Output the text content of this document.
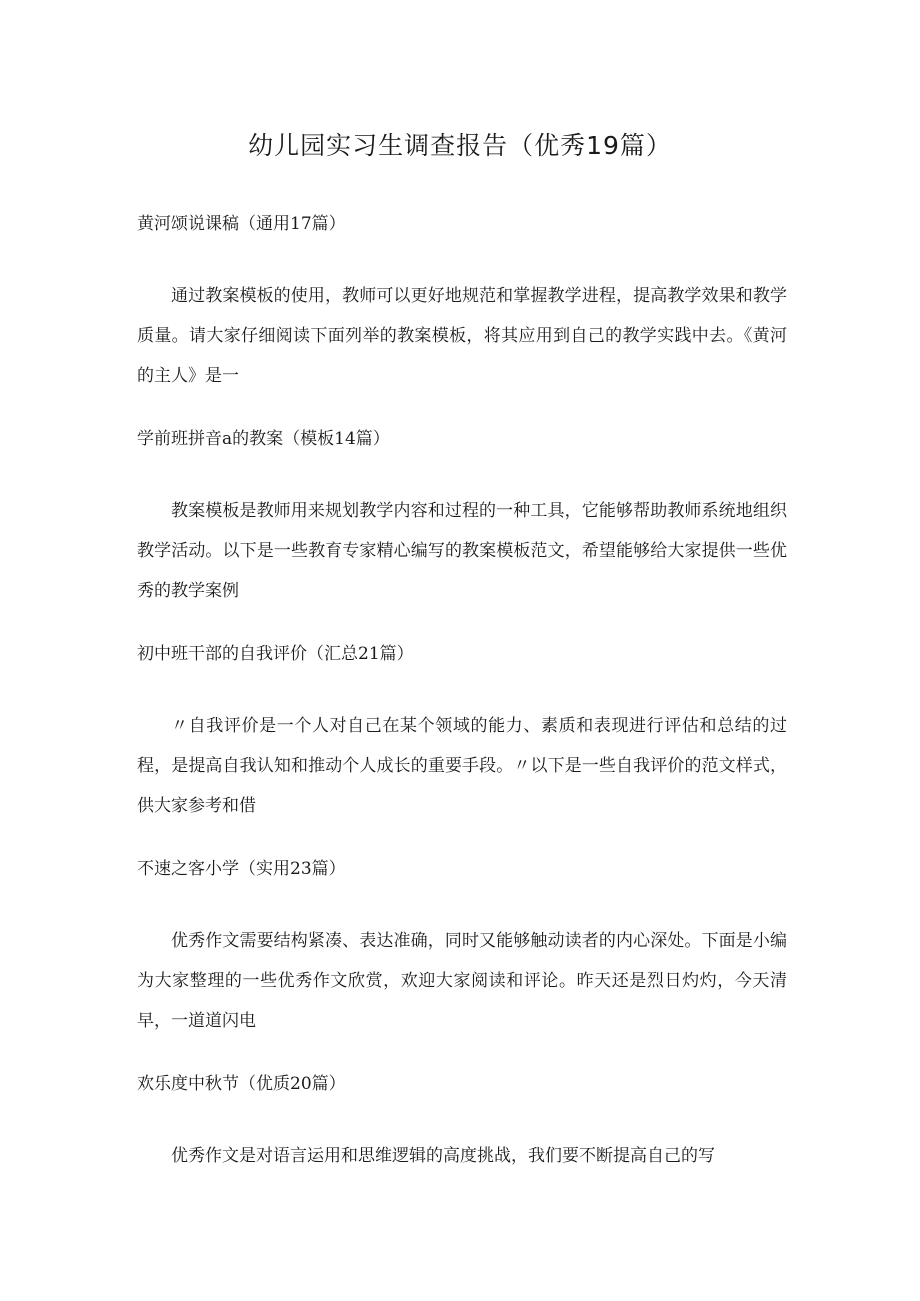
幼儿园实习生调查报告（优秀19篇）

黄河颂说课稿（通用17篇）

通过教案模板的使用，教师可以更好地规范和掌握教学进程，提高教学效果和教学质量。请大家仔细阅读下面列举的教案模板，将其应用到自己的教学实践中去。《黄河的主人》是一

学前班拼音a的教案（模板14篇）

教案模板是教师用来规划教学内容和过程的一种工具，它能够帮助教师系统地组织教学活动。以下是一些教育专家精心编写的教案模板范文，希望能够给大家提供一些优秀的教学案例

初中班干部的自我评价（汇总21篇）

〃自我评价是一个人对自己在某个领域的能力、素质和表现进行评估和总结的过程，是提高自我认知和推动个人成长的重要手段。〃以下是一些自我评价的范文样式，供大家参考和借

不速之客小学（实用23篇）

优秀作文需要结构紧凑、表达准确，同时又能够触动读者的内心深处。下面是小编为大家整理的一些优秀作文欣赏，欢迎大家阅读和评论。昨天还是烈日灼灼，今天清早，一道道闪电

欢乐度中秋节（优质20篇）

优秀作文是对语言运用和思维逻辑的高度挑战，我们要不断提高自己的写
